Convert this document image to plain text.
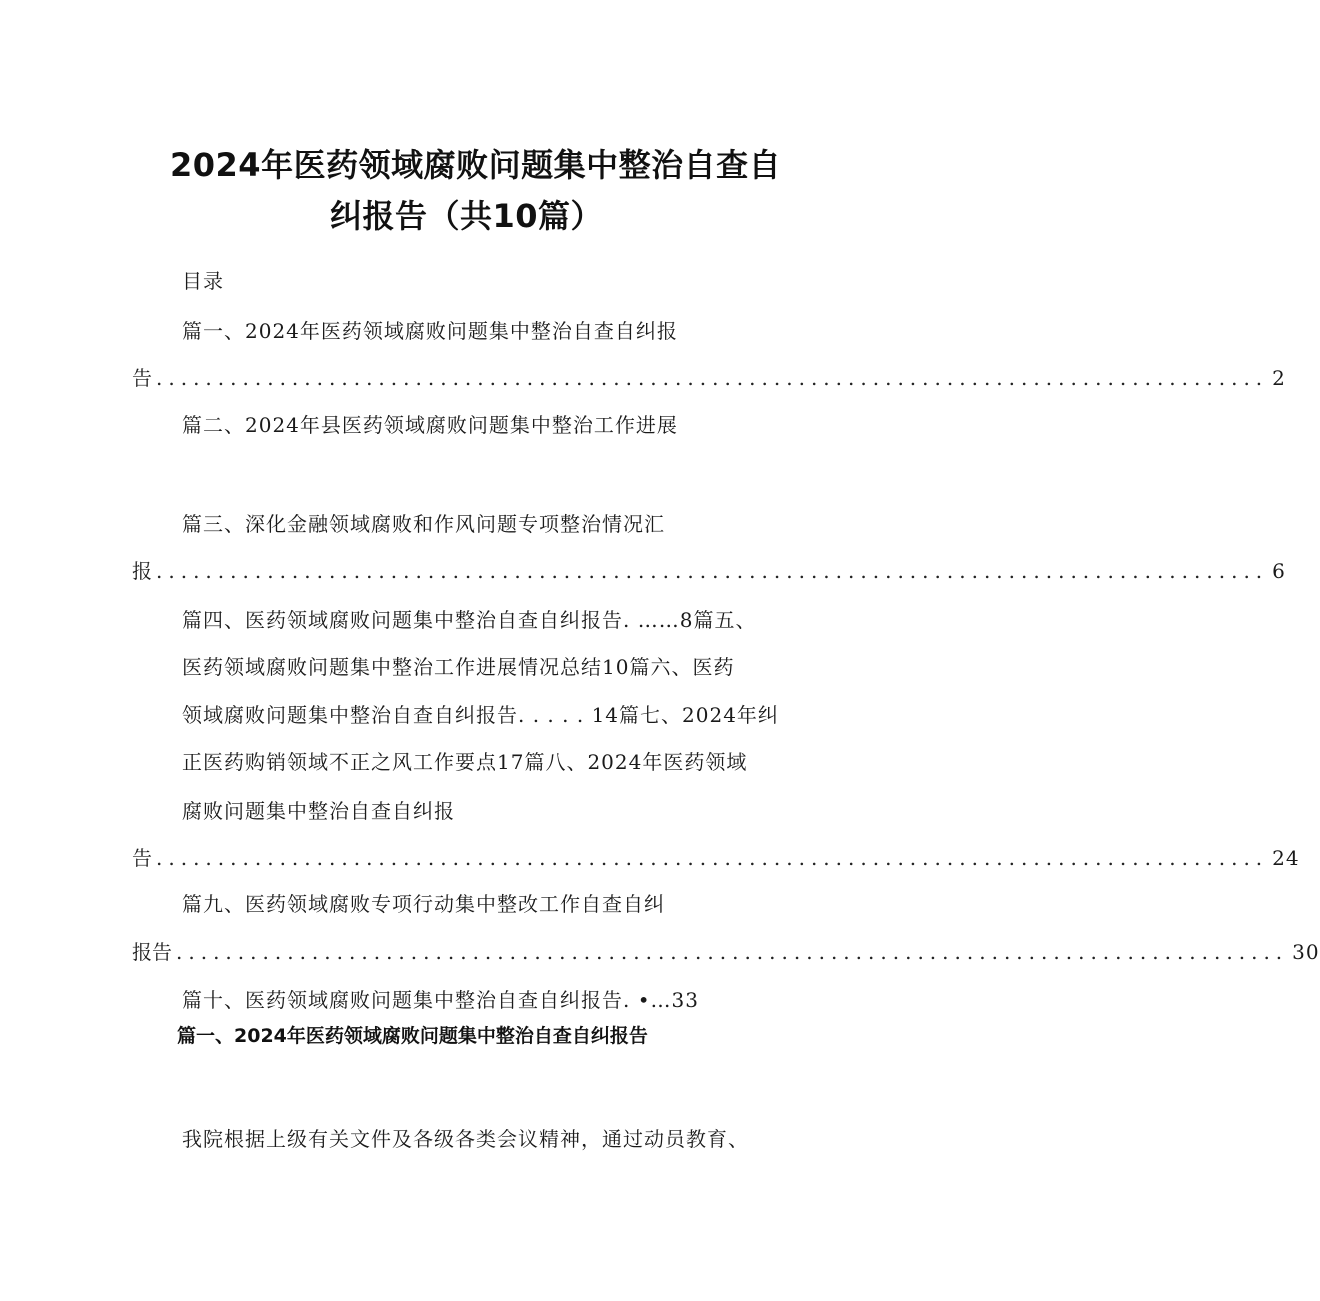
2024年医药领域腐败问题集中整治自查自
纠报告（共10篇）
目录
篇一、2024年医药领域腐败问题集中整治自查自纠报
告 .......................................................................................... 2
篇二、2024年县医药领域腐败问题集中整治工作进展
篇三、深化金融领域腐败和作风问题专项整治情况汇
报 .......................................................................................... 6
篇四、医药领域腐败问题集中整治自查自纠报告. ……8篇五、
医药领域腐败问题集中整治工作进展情况总结10篇六、医药
领域腐败问题集中整治自查自纠报告. . . . . 14篇七、2024年纠
正医药购销领域不正之风工作要点17篇八、2024年医药领域
腐败问题集中整治自查自纠报
告 .......................................................................................... 24
篇九、医药领域腐败专项行动集中整改工作自查自纠
报告 .......................................................................................... 30
篇十、医药领域腐败问题集中整治自查自纠报告. •…33
篇一、2024年医药领域腐败问题集中整治自查自纠报告
我院根据上级有关文件及各级各类会议精神，通过动员教育、
